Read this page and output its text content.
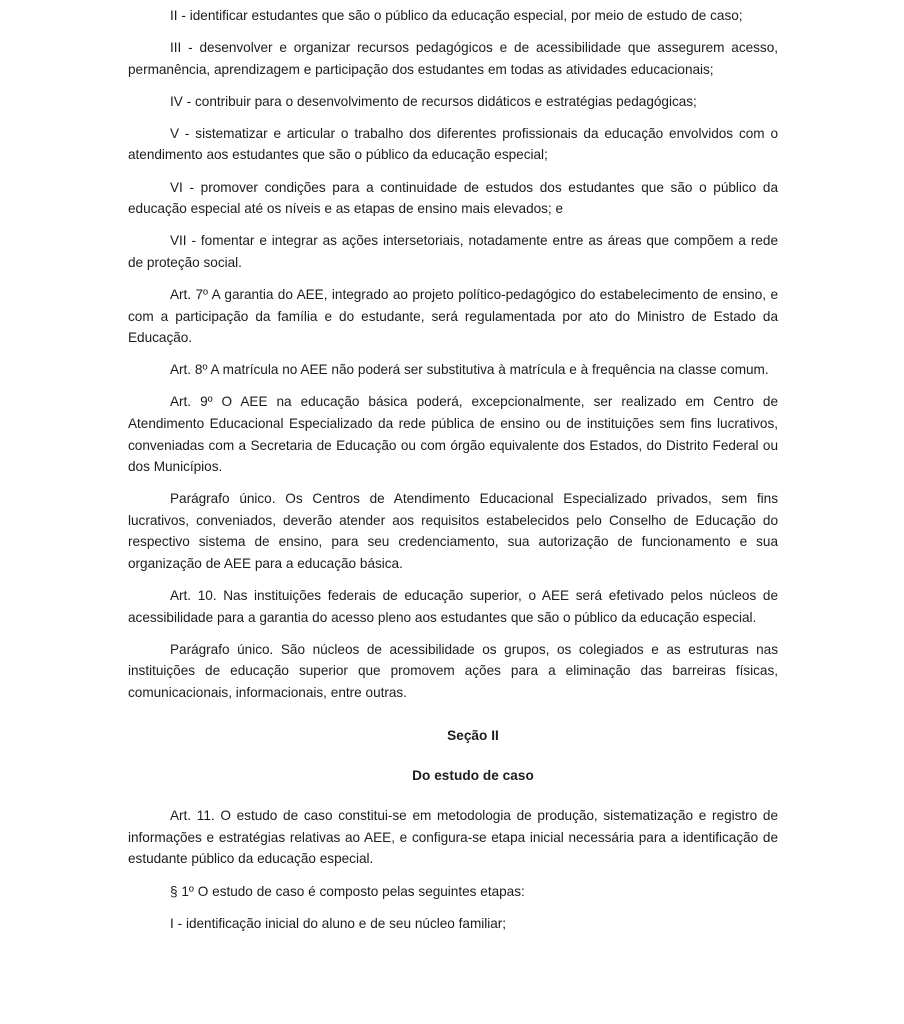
II - identificar estudantes que são o público da educação especial, por meio de estudo de caso;

III - desenvolver e organizar recursos pedagógicos e de acessibilidade que assegurem acesso, permanência, aprendizagem e participação dos estudantes em todas as atividades educacionais;

IV - contribuir para o desenvolvimento de recursos didáticos e estratégias pedagógicas;

V - sistematizar e articular o trabalho dos diferentes profissionais da educação envolvidos com o atendimento aos estudantes que são o público da educação especial;

VI - promover condições para a continuidade de estudos dos estudantes que são o público da educação especial até os níveis e as etapas de ensino mais elevados; e

VII - fomentar e integrar as ações intersetoriais, notadamente entre as áreas que compõem a rede de proteção social.

Art. 7º A garantia do AEE, integrado ao projeto político-pedagógico do estabelecimento de ensino, e com a participação da família e do estudante, será regulamentada por ato do Ministro de Estado da Educação.

Art. 8º A matrícula no AEE não poderá ser substitutiva à matrícula e à frequência na classe comum.

Art. 9º O AEE na educação básica poderá, excepcionalmente, ser realizado em Centro de Atendimento Educacional Especializado da rede pública de ensino ou de instituições sem fins lucrativos, conveniadas com a Secretaria de Educação ou com órgão equivalente dos Estados, do Distrito Federal ou dos Municípios.

Parágrafo único. Os Centros de Atendimento Educacional Especializado privados, sem fins lucrativos, conveniados, deverão atender aos requisitos estabelecidos pelo Conselho de Educação do respectivo sistema de ensino, para seu credenciamento, sua autorização de funcionamento e sua organização de AEE para a educação básica.

Art. 10. Nas instituições federais de educação superior, o AEE será efetivado pelos núcleos de acessibilidade para a garantia do acesso pleno aos estudantes que são o público da educação especial.

Parágrafo único. São núcleos de acessibilidade os grupos, os colegiados e as estruturas nas instituições de educação superior que promovem ações para a eliminação das barreiras físicas, comunicacionais, informacionais, entre outras.

Seção II
Do estudo de caso

Art. 11. O estudo de caso constitui-se em metodologia de produção, sistematização e registro de informações e estratégias relativas ao AEE, e configura-se etapa inicial necessária para a identificação de estudante público da educação especial.

§ 1º O estudo de caso é composto pelas seguintes etapas:

I - identificação inicial do aluno e de seu núcleo familiar;
